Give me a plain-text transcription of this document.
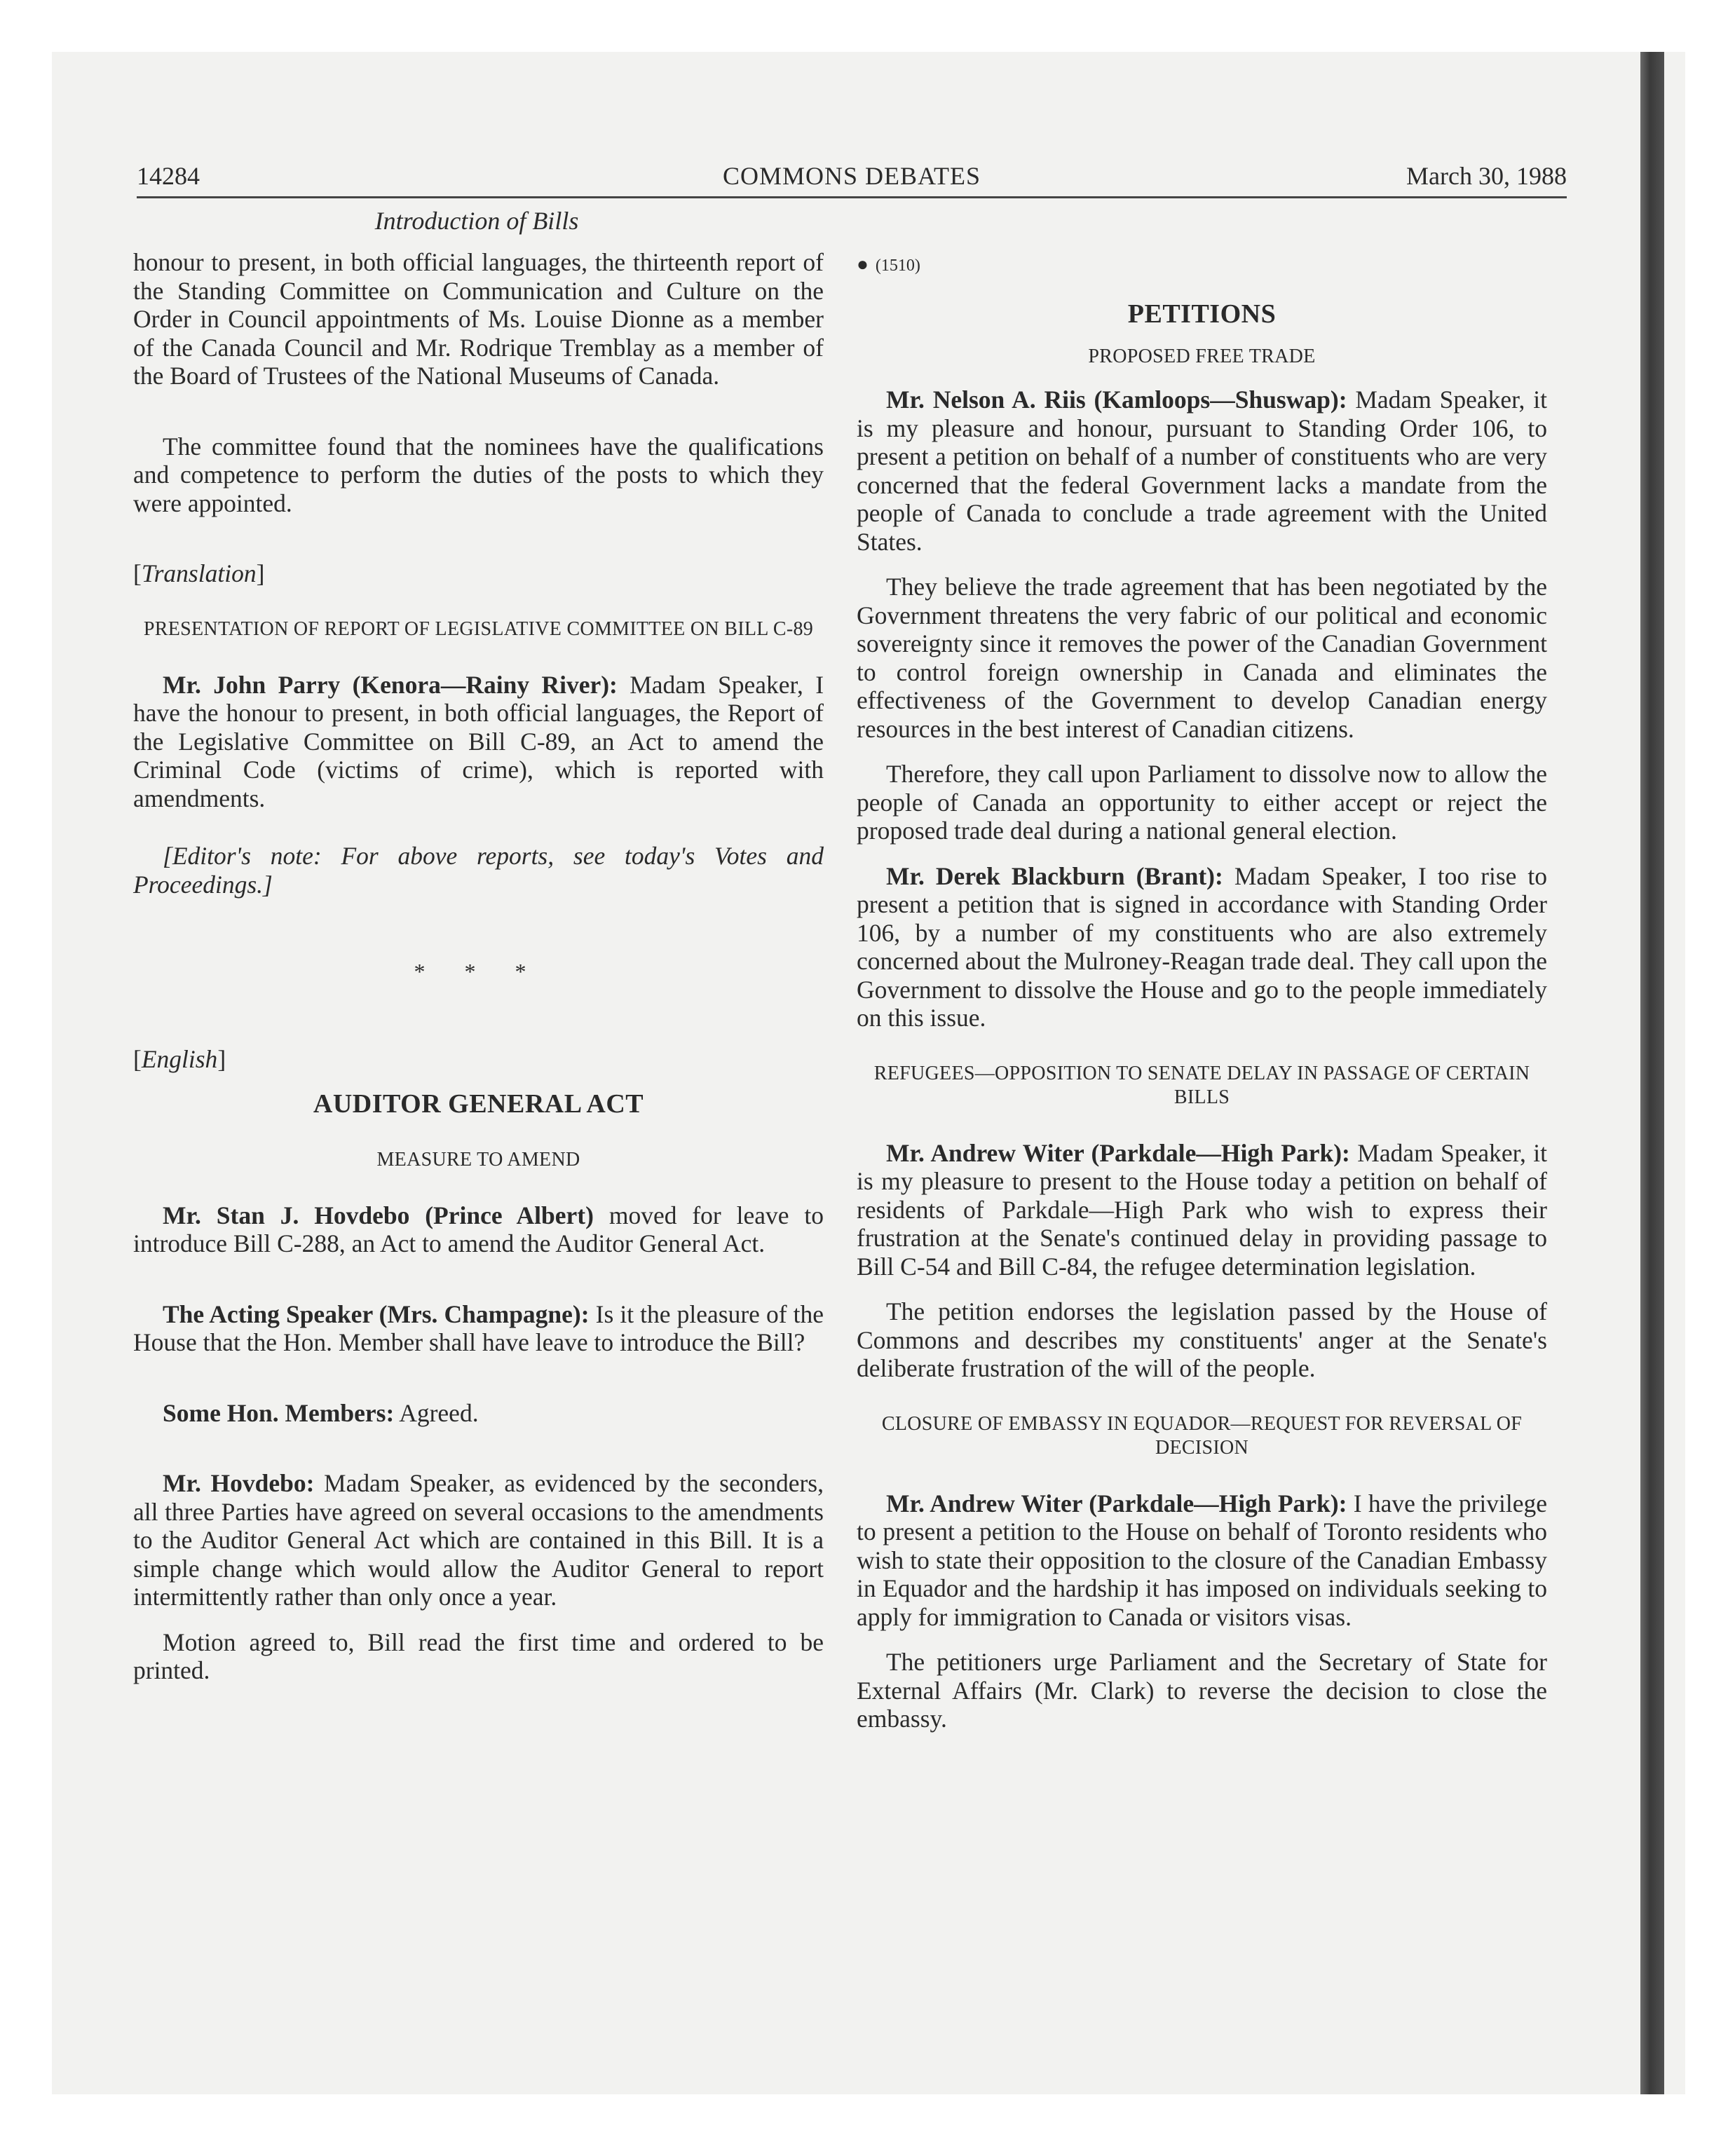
14284	COMMONS DEBATES	March 30, 1988
Introduction of Bills

honour to present, in both official languages, the thirteenth report of the Standing Committee on Communication and Culture on the Order in Council appointments of Ms. Louise Dionne as a member of the Canada Council and Mr. Rodrique Tremblay as a member of the Board of Trustees of the National Museums of Canada.

The committee found that the nominees have the qualifications and competence to perform the duties of the posts to which they were appointed.

[Translation]

PRESENTATION OF REPORT OF LEGISLATIVE COMMITTEE ON BILL C-89

Mr. John Parry (Kenora—Rainy River): Madam Speaker, I have the honour to present, in both official languages, the Report of the Legislative Committee on Bill C-89, an Act to amend the Criminal Code (victims of crime), which is reported with amendments.

[Editor's note: For above reports, see today's Votes and Proceedings.]

* * *

[English]

AUDITOR GENERAL ACT
MEASURE TO AMEND

Mr. Stan J. Hovdebo (Prince Albert) moved for leave to introduce Bill C-288, an Act to amend the Auditor General Act.

The Acting Speaker (Mrs. Champagne): Is it the pleasure of the House that the Hon. Member shall have leave to introduce the Bill?

Some Hon. Members: Agreed.

Mr. Hovdebo: Madam Speaker, as evidenced by the seconders, all three Parties have agreed on several occasions to the amendments to the Auditor General Act which are contained in this Bill. It is a simple change which would allow the Auditor General to report intermittently rather than only once a year.

Motion agreed to, Bill read the first time and ordered to be printed.

● (1510)

PETITIONS
PROPOSED FREE TRADE

Mr. Nelson A. Riis (Kamloops—Shuswap): Madam Speaker, it is my pleasure and honour, pursuant to Standing Order 106, to present a petition on behalf of a number of constituents who are very concerned that the federal Government lacks a mandate from the people of Canada to conclude a trade agreement with the United States.

They believe the trade agreement that has been negotiated by the Government threatens the very fabric of our political and economic sovereignty since it removes the power of the Canadian Government to control foreign ownership in Canada and eliminates the effectiveness of the Government to develop Canadian energy resources in the best interest of Canadian citizens.

Therefore, they call upon Parliament to dissolve now to allow the people of Canada an opportunity to either accept or reject the proposed trade deal during a national general election.

Mr. Derek Blackburn (Brant): Madam Speaker, I too rise to present a petition that is signed in accordance with Standing Order 106, by a number of my constituents who are also extremely concerned about the Mulroney-Reagan trade deal. They call upon the Government to dissolve the House and go to the people immediately on this issue.

REFUGEES—OPPOSITION TO SENATE DELAY IN PASSAGE OF CERTAIN BILLS

Mr. Andrew Witer (Parkdale—High Park): Madam Speaker, it is my pleasure to present to the House today a petition on behalf of residents of Parkdale—High Park who wish to express their frustration at the Senate's continued delay in providing passage to Bill C-54 and Bill C-84, the refugee determination legislation.

The petition endorses the legislation passed by the House of Commons and describes my constituents' anger at the Senate's deliberate frustration of the will of the people.

CLOSURE OF EMBASSY IN EQUADOR—REQUEST FOR REVERSAL OF DECISION

Mr. Andrew Witer (Parkdale—High Park): I have the privilege to present a petition to the House on behalf of Toronto residents who wish to state their opposition to the closure of the Canadian Embassy in Equador and the hardship it has imposed on individuals seeking to apply for immigration to Canada or visitors visas.

The petitioners urge Parliament and the Secretary of State for External Affairs (Mr. Clark) to reverse the decision to close the embassy.
